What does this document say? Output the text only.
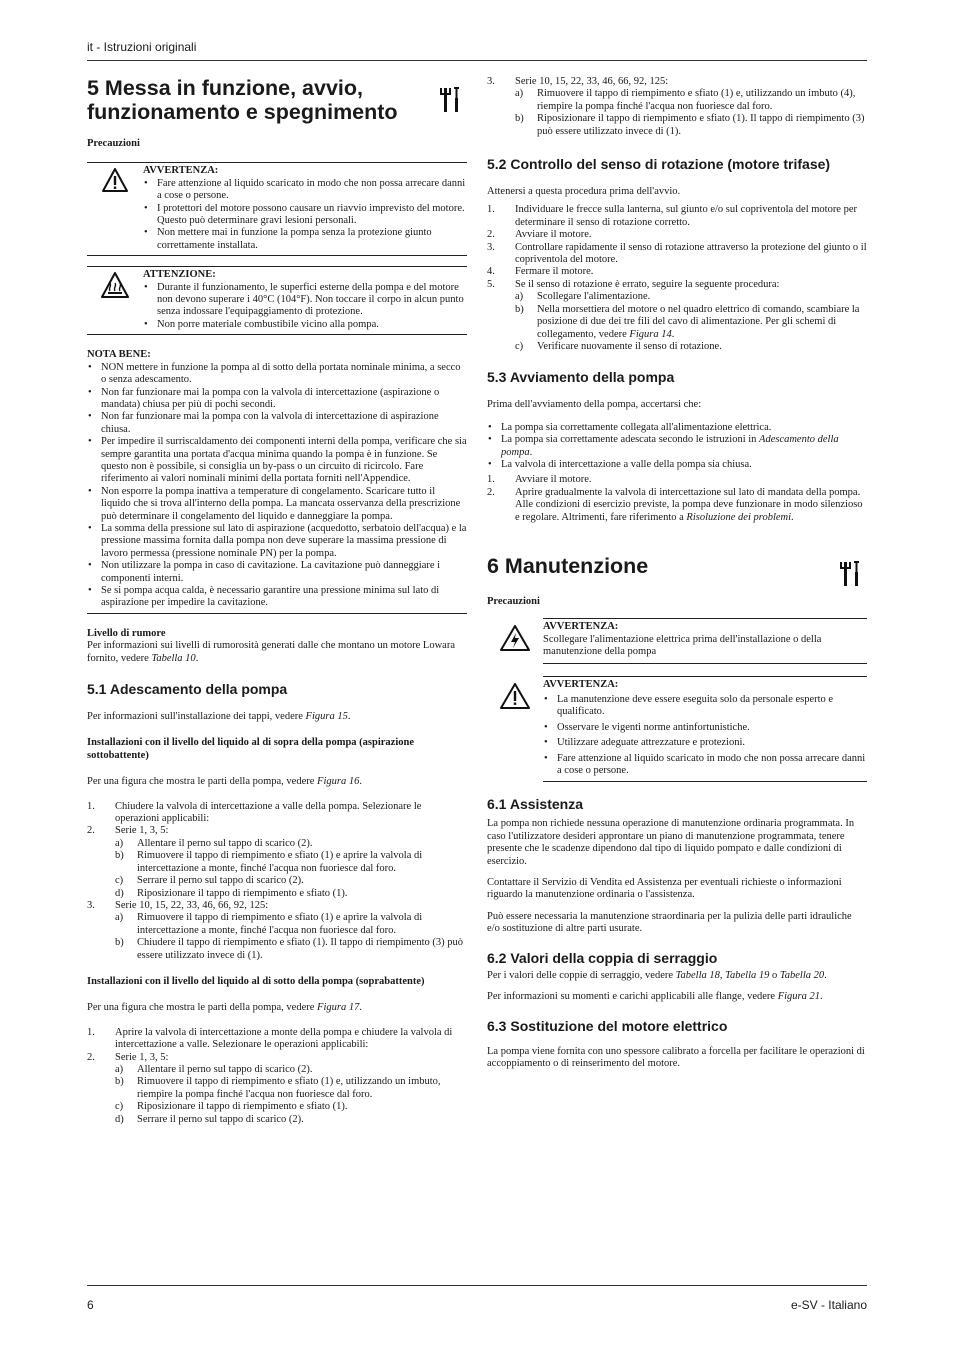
it - Istruzioni originali
5 Messa in funzione, avvio, funzionamento e spegnimento

Precauzioni

AVVERTENZA:

• Fare attenzione al liquido scaricato in modo che non possa arrecare danni a cose o persone.
• I protettori del motore possono causare un riavvio imprevisto del motore. Questo può determinare gravi lesioni personali.
• Non mettere mai in funzione la pompa senza la protezione giunto correttamente installata.

ATTENZIONE:

• Durante il funzionamento, le superfici esterne della pompa e del motore non devono superare i 40°C (104°F). Non toccare il corpo in alcun punto senza indossare l'equipaggiamento di protezione.
• Non porre materiale combustibile vicino alla pompa.

NOTA BENE:

• NON mettere in funzione la pompa al di sotto della portata nominale minima, a secco o senza adescamento.
• Non far funzionare mai la pompa con la valvola di intercettazione (aspirazione o mandata) chiusa per più di pochi secondi.
• Non far funzionare mai la pompa con la valvola di intercettazione di aspirazione chiusa.
• Per impedire il surriscaldamento dei componenti interni della pompa, verificare che sia sempre garantita una portata d'acqua minima quando la pompa è in funzione. Se questo non è possibile, si consiglia un by-pass o un circuito di ricircolo. Fare riferimento ai valori nominali minimi della portata forniti nell'Appendice.
• Non esporre la pompa inattiva a temperature di congelamento. Scaricare tutto il liquido che si trova all'interno della pompa. La mancata osservanza della prescrizione può determinare il congelamento del liquido e danneggiare la pompa.
• La somma della pressione sul lato di aspirazione (acquedotto, serbatoio dell'acqua) e la pressione massima fornita dalla pompa non deve superare la massima pressione di lavoro permessa (pressione nominale PN) per la pompa.
• Non utilizzare la pompa in caso di cavitazione. La cavitazione può danneggiare i componenti interni.
• Se si pompa acqua calda, è necessario garantire una pressione minima sul lato di aspirazione per impedire la cavitazione.

Livello di rumore

Per informazioni sui livelli di rumorosità generati dalle che montano un motore Lowara fornito, vedere Tabella 10.

5.1 Adescamento della pompa

Per informazioni sull'installazione dei tappi, vedere Figura 15.

Installazioni con il livello del liquido al di sopra della pompa (aspirazione sottobattente)

Per una figura che mostra le parti della pompa, vedere Figura 16.

1.	Chiudere la valvola di intercettazione a valle della pompa. Selezionare le operazioni applicabili:
2.	Serie 1, 3, 5:
a)	Allentare il perno sul tappo di scarico (2).
b)	Rimuovere il tappo di riempimento e sfiato (1) e aprire la valvola di intercettazione a monte, finché l'acqua non fuoriesce dal foro.
c)	Serrare il perno sul tappo di scarico (2).
d)	Riposizionare il tappo di riempimento e sfiato (1).
3.	Serie 10, 15, 22, 33, 46, 66, 92, 125:
a)	Rimuovere il tappo di riempimento e sfiato (1) e aprire la valvola di intercettazione a monte, finché l'acqua non fuoriesce dal foro.
b)	Chiudere il tappo di riempimento e sfiato (1). Il tappo di riempimento (3) può essere utilizzato invece di (1).

Installazioni con il livello del liquido al di sotto della pompa (soprabattente)

Per una figura che mostra le parti della pompa, vedere Figura 17.

1.	Aprire la valvola di intercettazione a monte della pompa e chiudere la valvola di intercettazione a valle. Selezionare le operazioni applicabili:
2.	Serie 1, 3, 5:
a)	Allentare il perno sul tappo di scarico (2).
b)	Rimuovere il tappo di riempimento e sfiato (1) e, utilizzando un imbuto, riempire la pompa finché l'acqua non fuoriesce dal foro.
c)	Riposizionare il tappo di riempimento e sfiato (1).
d)	Serrare il perno sul tappo di scarico (2).
3.	Serie 10, 15, 22, 33, 46, 66, 92, 125:
a)	Rimuovere il tappo di riempimento e sfiato (1) e, utilizzando un imbuto (4), riempire la pompa finché l'acqua non fuoriesce dal foro.
b)	Riposizionare il tappo di riempimento e sfiato (1). Il tappo di riempimento (3) può essere utilizzato invece di (1).

5.2 Controllo del senso di rotazione (motore trifase)

Attenersi a questa procedura prima dell'avvio.

1.	Individuare le frecce sulla lanterna, sul giunto e/o sul copriventola del motore per determinare il senso di rotazione corretto.
2.	Avviare il motore.
3.	Controllare rapidamente il senso di rotazione attraverso la protezione del giunto o il copriventola del motore.
4.	Fermare il motore.
5.	Se il senso di rotazione è errato, seguire la seguente procedura:
a)	Scollegare l'alimentazione.
b)	Nella morsettiera del motore o nel quadro elettrico di comando, scambiare la posizione di due dei tre fili del cavo di alimentazione. Per gli schemi di collegamento, vedere Figura 14.
c)	Verificare nuovamente il senso di rotazione.

5.3 Avviamento della pompa

Prima dell'avviamento della pompa, accertarsi che:

• La pompa sia correttamente collegata all'alimentazione elettrica.
• La pompa sia correttamente adescata secondo le istruzioni in Adescamento della pompa.
• La valvola di intercettazione a valle della pompa sia chiusa.
1.	Avviare il motore.
2.	Aprire gradualmente la valvola di intercettazione sul lato di mandata della pompa.
Alle condizioni di esercizio previste, la pompa deve funzionare in modo silenzioso e regolare. Altrimenti, fare riferimento a Risoluzione dei problemi.
6 Manutenzione

Precauzioni

AVVERTENZA:

Scollegare l'alimentazione elettrica prima dell'installazione o della manutenzione della pompa

AVVERTENZA:

• La manutenzione deve essere eseguita solo da personale esperto e qualificato.
• Osservare le vigenti norme antinfortunistiche.
• Utilizzare adeguate attrezzature e protezioni.
• Fare attenzione al liquido scaricato in modo che non possa arrecare danni a cose o persone.

6.1 Assistenza

La pompa non richiede nessuna operazione di manutenzione ordinaria programmata. In caso l'utilizzatore desideri approntare un piano di manutenzione programmata, tenere presente che le scadenze dipendono dal tipo di liquido pompato e dalle condizioni di esercizio.

Contattare il Servizio di Vendita ed Assistenza per eventuali richieste o informazioni riguardo la manutenzione ordinaria o l'assistenza.

Può essere necessaria la manutenzione straordinaria per la pulizia delle parti idrauliche e/o sostituzione di altre parti usurate.

6.2 Valori della coppia di serraggio

Per i valori delle coppie di serraggio, vedere Tabella 18, Tabella 19 o Tabella 20.

Per informazioni su momenti e carichi applicabili alle flange, vedere Figura 21.

6.3 Sostituzione del motore elettrico

La pompa viene fornita con uno spessore calibrato a forcella per facilitare le operazioni di accoppiamento o di reinserimento del motore.

6	e-SV - Italiano
